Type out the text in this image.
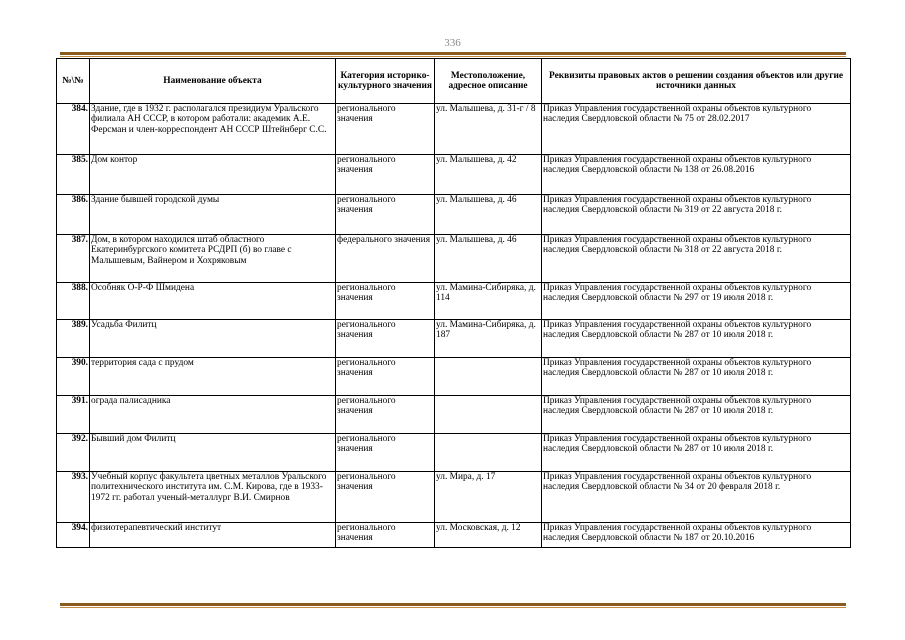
336
№\№	Наименование объекта	Категория историко-культурного значения	Местоположение, адресное описание	Реквизиты правовых актов о решении создания объектов или другие источники данных
384.	Здание, где в 1932 г. располагался президиум Уральского филиала АН СССР, в котором работали: академик А.Е. Ферсман и член-корреспондент АН СССР Штейнберг С.С.	регионального значения	ул. Малышева, д. 31-г / 8	Приказ Управления государственной охраны объектов культурного наследия Свердловской области № 75 от 28.02.2017
385.	Дом контор	регионального значения	ул. Малышева, д. 42	Приказ Управления государственной охраны объектов культурного наследия Свердловской области № 138 от 26.08.2016
386.	Здание бывшей городской думы	регионального значения	ул. Малышева, д. 46	Приказ Управления государственной охраны объектов культурного наследия Свердловской области № 319 от 22 августа 2018 г.
387.	Дом, в котором находился штаб областного Екатеринбургского комитета РСДРП (б) во главе с Малышевым, Вайнером и Хохряковым	федерального значения	ул. Малышева, д. 46	Приказ Управления государственной охраны объектов культурного наследия Свердловской области № 318 от 22 августа 2018 г.
388.	Особняк О-Р-Ф Шмидена	регионального значения	ул. Мамина-Сибиряка, д. 114	Приказ Управления государственной охраны объектов культурного наследия Свердловской области № 297 от 19 июля 2018 г.
389.	Усадьба Филитц	регионального значения	ул. Мамина-Сибиряка, д. 187	Приказ Управления государственной охраны объектов культурного наследия Свердловской области № 287 от 10 июля 2018 г.
390.	территория сада с прудом	регионального значения		Приказ Управления государственной охраны объектов культурного наследия Свердловской области № 287 от 10 июля 2018 г.
391.	ограда палисадника	регионального значения		Приказ Управления государственной охраны объектов культурного наследия Свердловской области № 287 от 10 июля 2018 г.
392.	Бывший дом Филитц	регионального значения		Приказ Управления государственной охраны объектов культурного наследия Свердловской области № 287 от 10 июля 2018 г.
393.	Учебный корпус факультета цветных металлов Уральского политехнического института им. С.М. Кирова, где в 1933-1972 гг. работал ученый-металлург В.И. Смирнов	регионального значения	ул. Мира, д. 17	Приказ Управления государственной охраны объектов культурного наследия Свердловской области № 34 от 20 февраля 2018 г.
394.	физиотерапевтический институт	регионального значения	ул. Московская, д. 12	Приказ Управления государственной охраны объектов культурного наследия Свердловской области № 187 от 20.10.2016
